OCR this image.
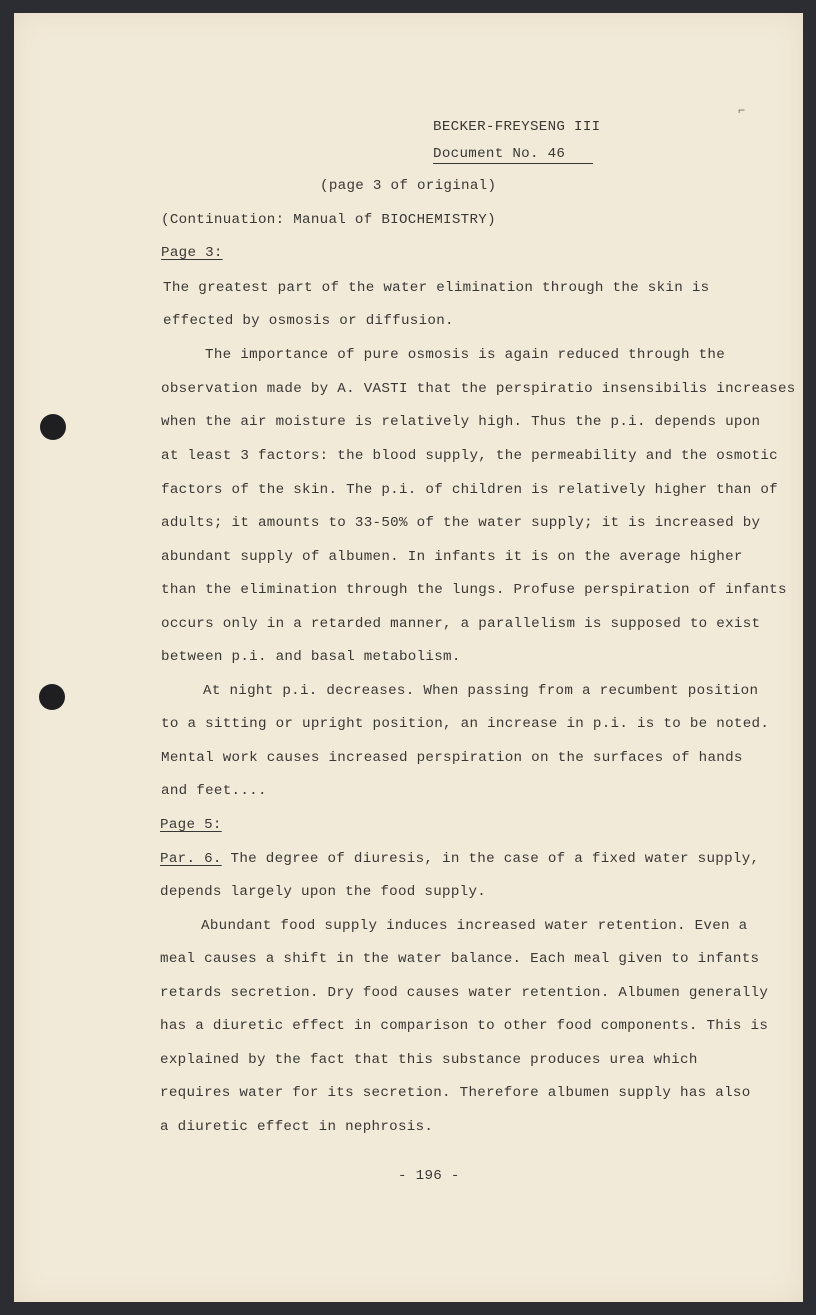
⌐

BECKER-FREYSENG III

Document No. 46

(page 3 of original)

(Continuation: Manual of BIOCHEMISTRY)

Page 3:

The greatest part of the water elimination through the skin is

effected by osmosis or diffusion.

The importance of pure osmosis is again reduced through the

observation made by A. VASTI that the perspiratio insensibilis increases

when the air moisture is relatively high. Thus the p.i. depends upon

at least 3 factors: the blood supply, the permeability and the osmotic

factors of the skin. The p.i. of children is relatively higher than of

adults; it amounts to 33-50% of the water supply; it is increased by

abundant supply of albumen. In infants it is on the average higher

than the elimination through the lungs. Profuse perspiration of infants

occurs only in a retarded manner, a parallelism is supposed to exist

between p.i. and basal metabolism.

At night p.i. decreases. When passing from a recumbent position

to a sitting or upright position, an increase in p.i. is to be noted.

Mental work causes increased perspiration on the surfaces of hands

and feet....

Page 5:

Par. 6. The degree of diuresis, in the case of a fixed water supply,

depends largely upon the food supply.

Abundant food supply induces increased water retention. Even a

meal causes a shift in the water balance. Each meal given to infants

retards secretion. Dry food causes water retention. Albumen generally

has a diuretic effect in comparison to other food components. This is

explained by the fact that this substance produces urea which

requires water for its secretion. Therefore albumen supply has also

a diuretic effect in nephrosis.

- 196 -
